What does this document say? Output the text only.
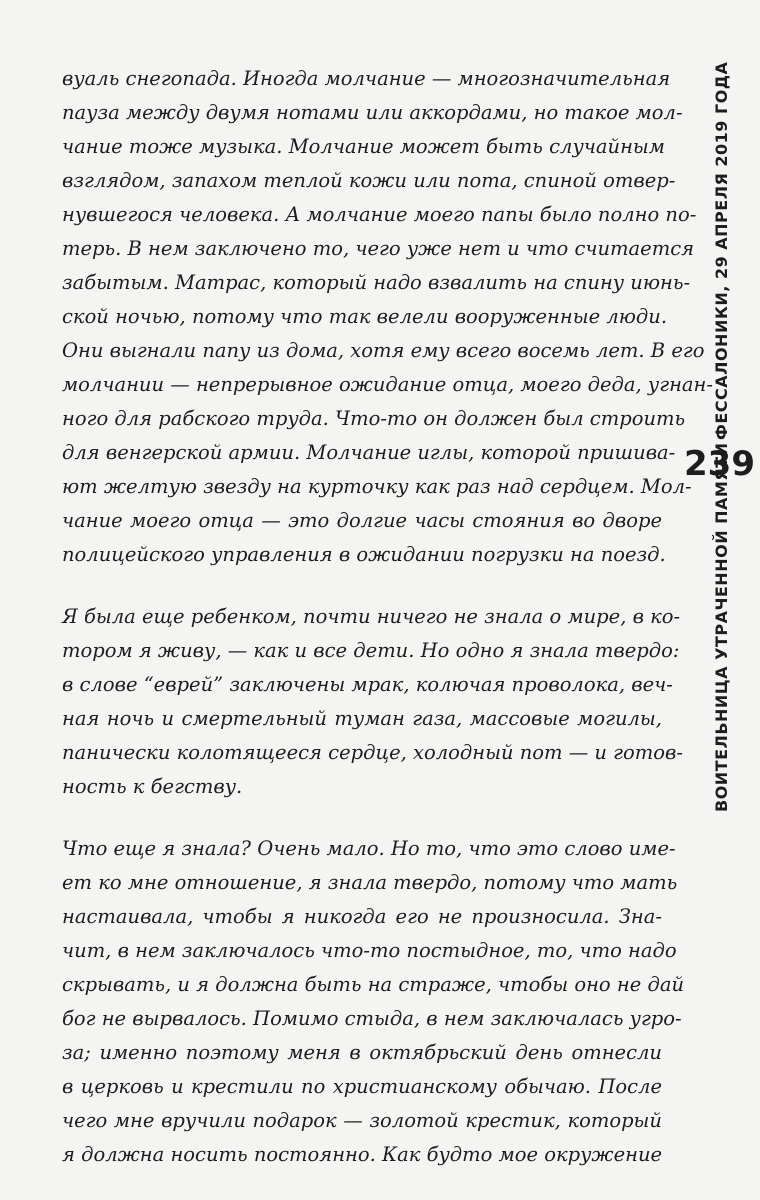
вуаль снегопада. Иногда молчание — многозначительная
пауза между двумя нотами или аккордами, но такое мол-
чание тоже музыка. Молчание может быть случайным
взглядом, запахом теплой кожи или пота, спиной отвер-
нувшегося человека. А молчание моего папы было полно по-
терь. В нем заключено то, чего уже нет и что считается
забытым. Матрас, который надо взвалить на спину июнь-
ской ночью, потому что так велели вооруженные люди.
Они выгнали папу из дома, хотя ему всего восемь лет. В его
молчании — непрерывное ожидание отца, моего деда, угнан-
ного для рабского труда. Что-то он должен был строить
для венгерской армии. Молчание иглы, которой пришива-
ют желтую звезду на курточку как раз над сердцем. Мол-
чание моего отца — это долгие часы стояния во дворе
полицейского управления в ожидании погрузки на поезд.
Я была еще ребенком, почти ничего не знала о мире, в ко-
тором я живу, — как и все дети. Но одно я знала твердо:
в слове “еврей” заключены мрак, колючая проволока, веч-
ная ночь и смертельный туман газа, массовые могилы,
панически колотящееся сердце, холодный пот — и готов-
ность к бегству.
Что еще я знала? Очень мало. Но то, что это слово име-
ет ко мне отношение, я знала твердо, потому что мать
настаивала, чтобы я никогда его не произносила. Зна-
чит, в нем заключалось что-то постыдное, то, что надо
скрывать, и я должна быть на страже, чтобы оно не дай
бог не вырвалось. Помимо стыда, в нем заключалась угро-
за; именно поэтому меня в октябрьский день отнесли
в церковь и крестили по христианскому обычаю. После
чего мне вручили подарок — золотой крестик, который
я должна носить постоянно. Как будто мое окружение
ФЕССАЛОНИКИ, 29 АПРЕЛЯ 2019 ГОДА
239
ВОИТЕЛЬНИЦА УТРАЧЕННОЙ ПАМЯТИ
